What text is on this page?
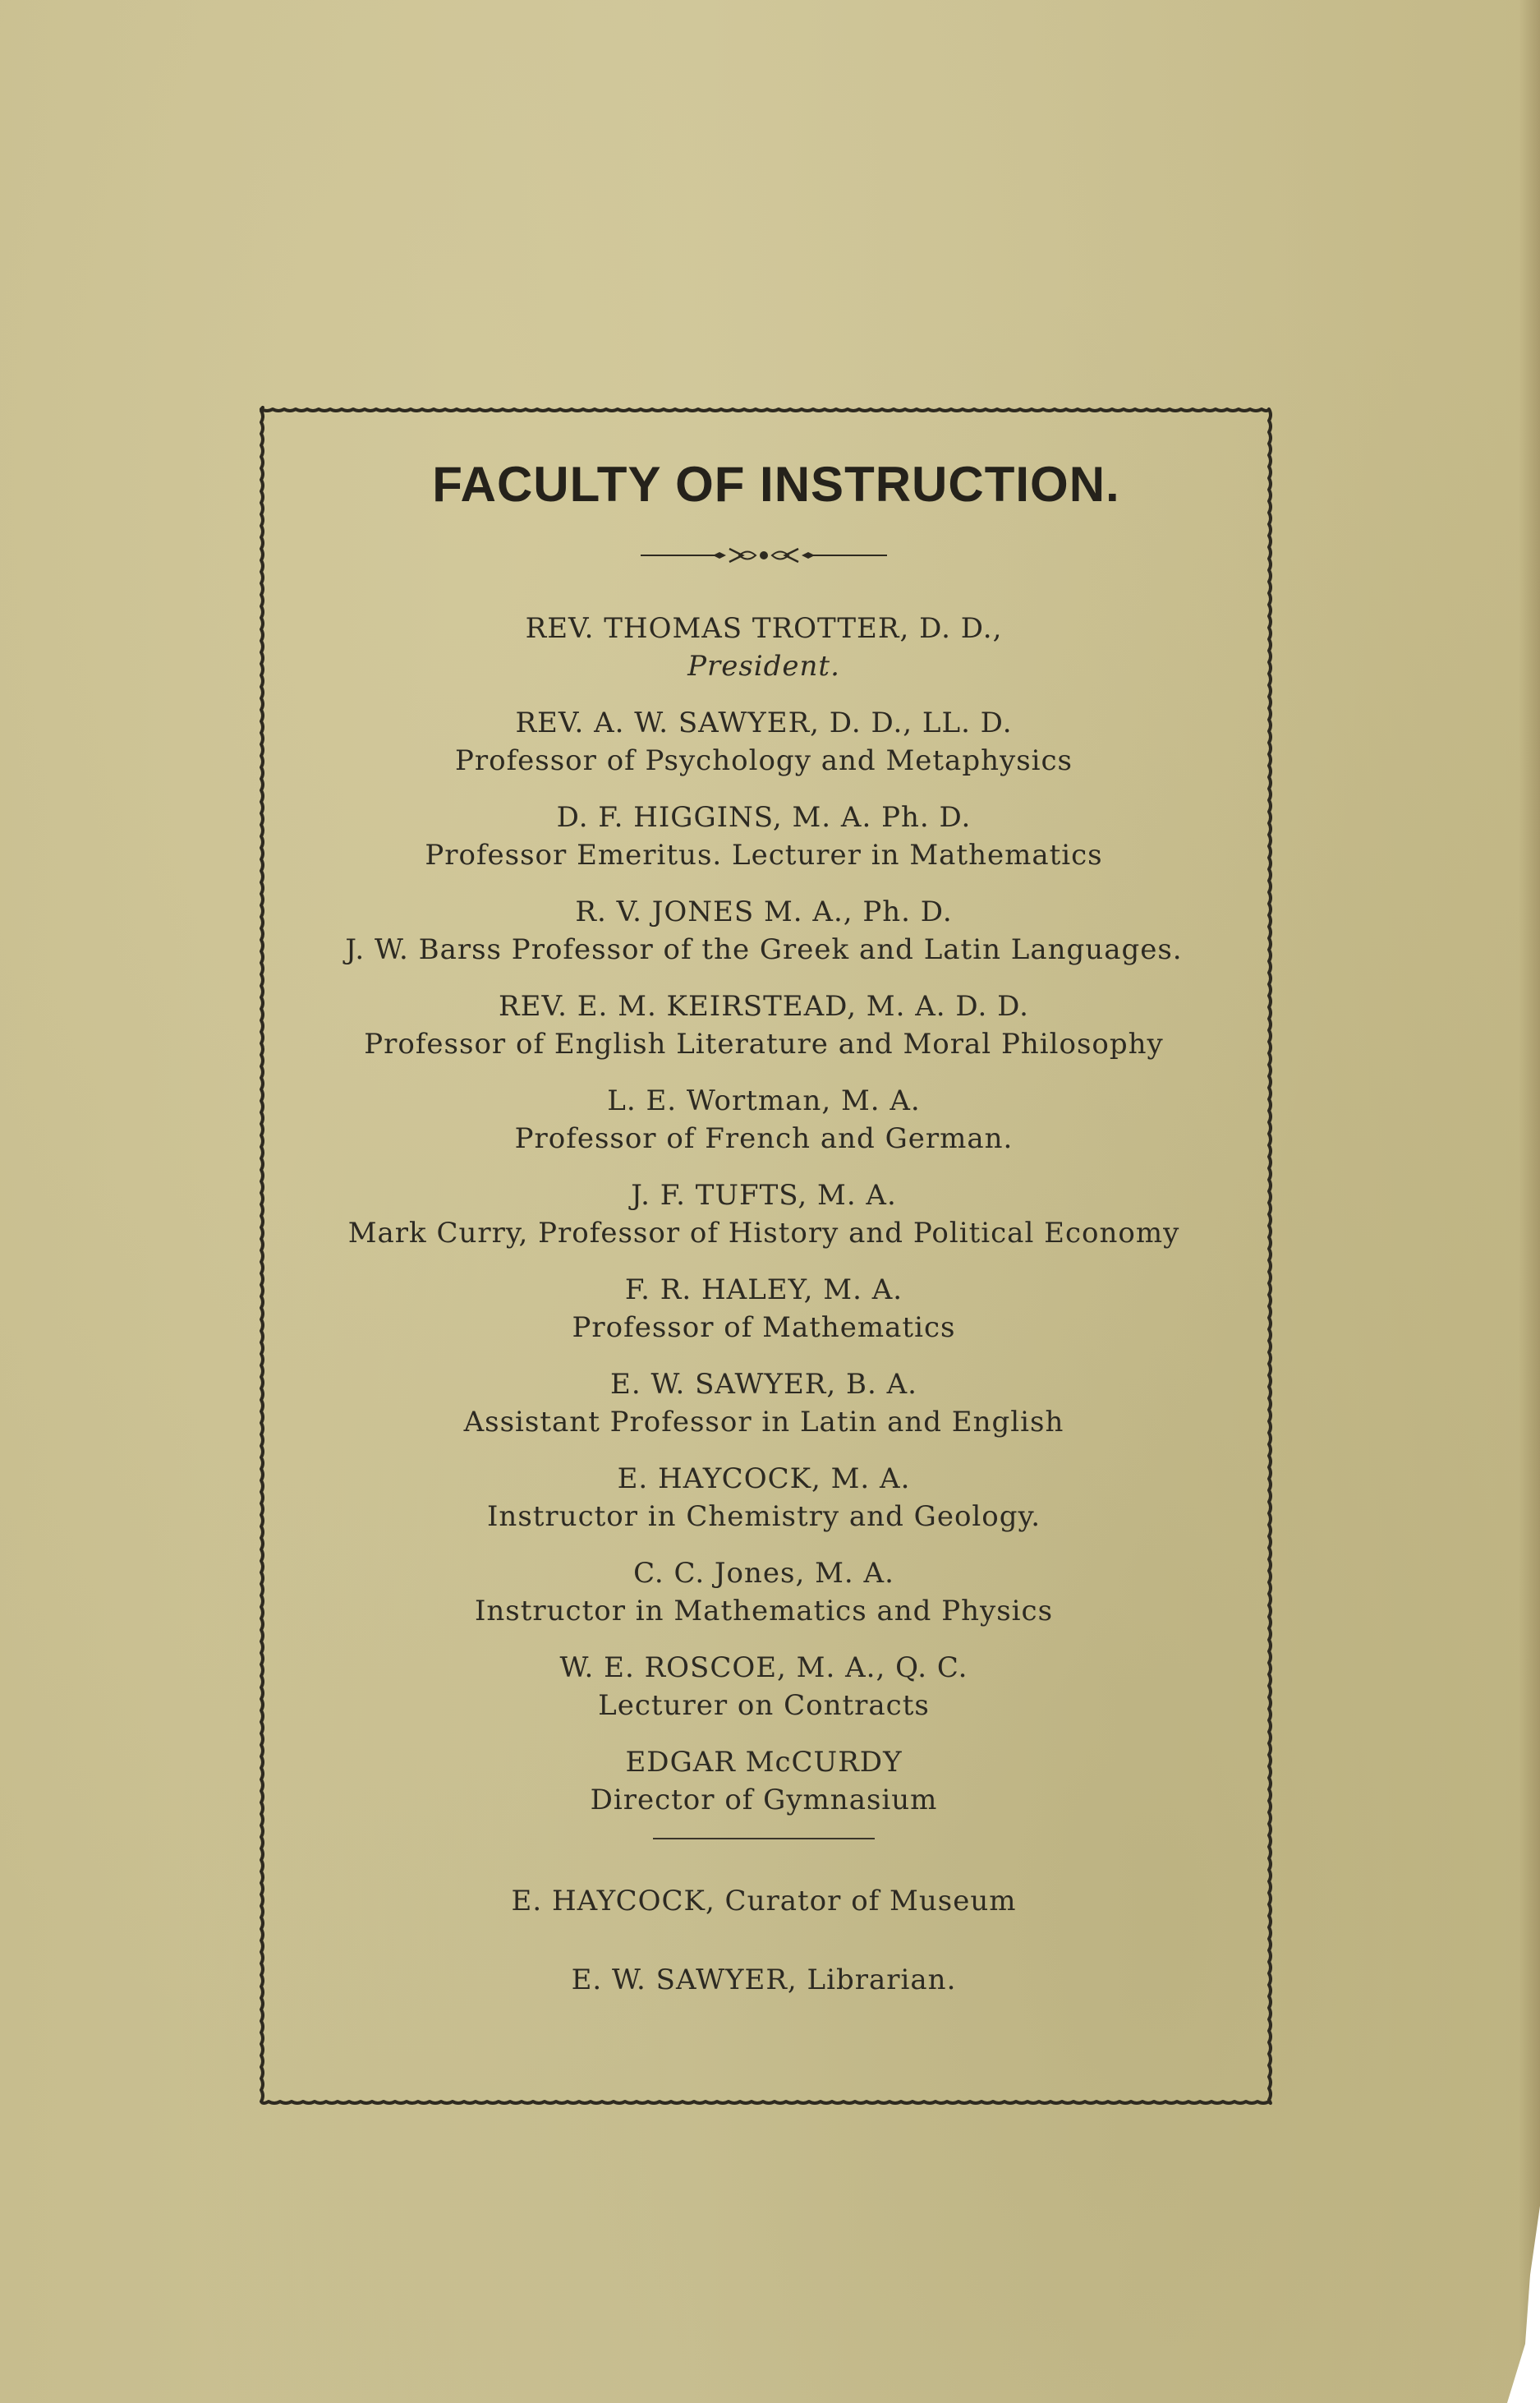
FACULTY OF INSTRUCTION.
REV. THOMAS TROTTER, D. D.,
President.
REV. A. W. SAWYER, D. D., LL. D.
Professor of Psychology and Metaphysics
D. F. HIGGINS, M. A. Ph. D.
Professor Emeritus. Lecturer in Mathematics
R. V. JONES M. A., Ph. D.
J. W. Barss Professor of the Greek and Latin Languages.
REV. E. M. KEIRSTEAD, M. A. D. D.
Professor of English Literature and Moral Philosophy
L. E. Wortman, M. A.
Professor of French and German.
J. F. TUFTS, M. A.
Mark Curry, Professor of History and Political Economy
F. R. HALEY, M. A.
Professor of Mathematics
E. W. SAWYER, B. A.
Assistant Professor in Latin and English
E. HAYCOCK, M. A.
Instructor in Chemistry and Geology.
C. C. Jones, M. A.
Instructor in Mathematics and Physics
W. E. ROSCOE, M. A., Q. C.
Lecturer on Contracts
EDGAR McCURDY
Director of Gymnasium
E. HAYCOCK, Curator of Museum
E. W. SAWYER, Librarian.
